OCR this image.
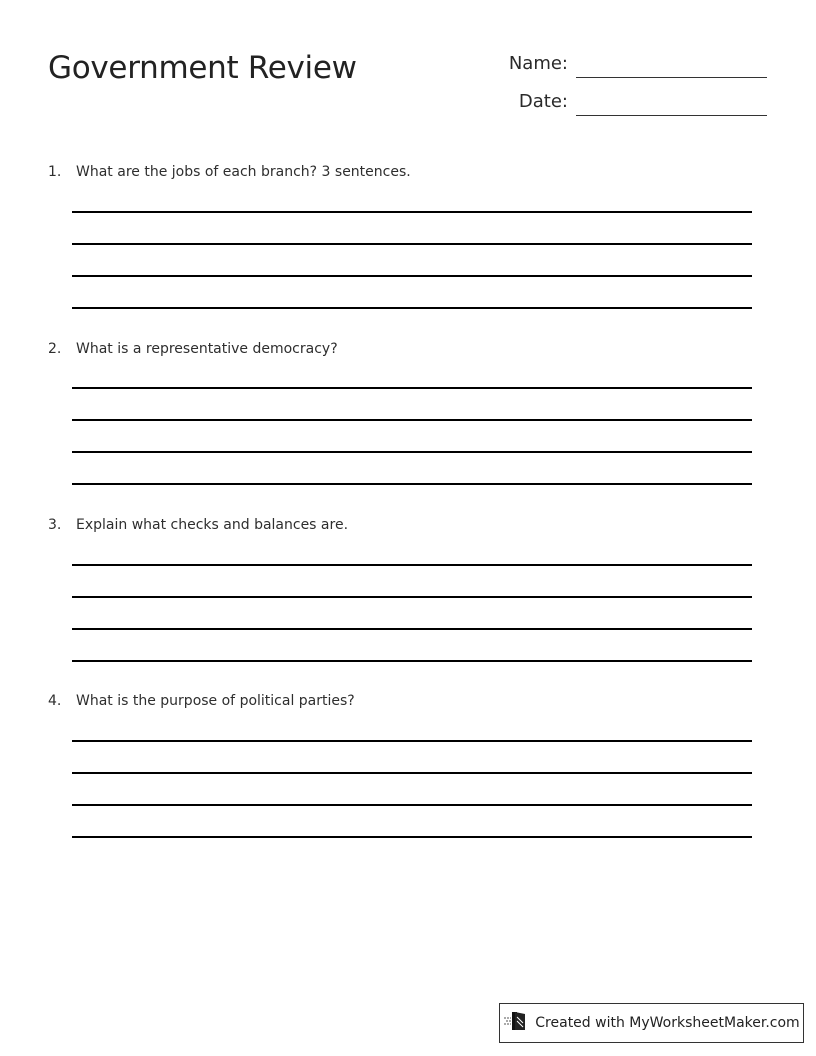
Government Review	Name:
Date:
1.	What are the jobs of each branch? 3 sentences.
2.	What is a representative democracy?
3.	Explain what checks and balances are.
4.	What is the purpose of political parties?
Created with MyWorksheetMaker.com
